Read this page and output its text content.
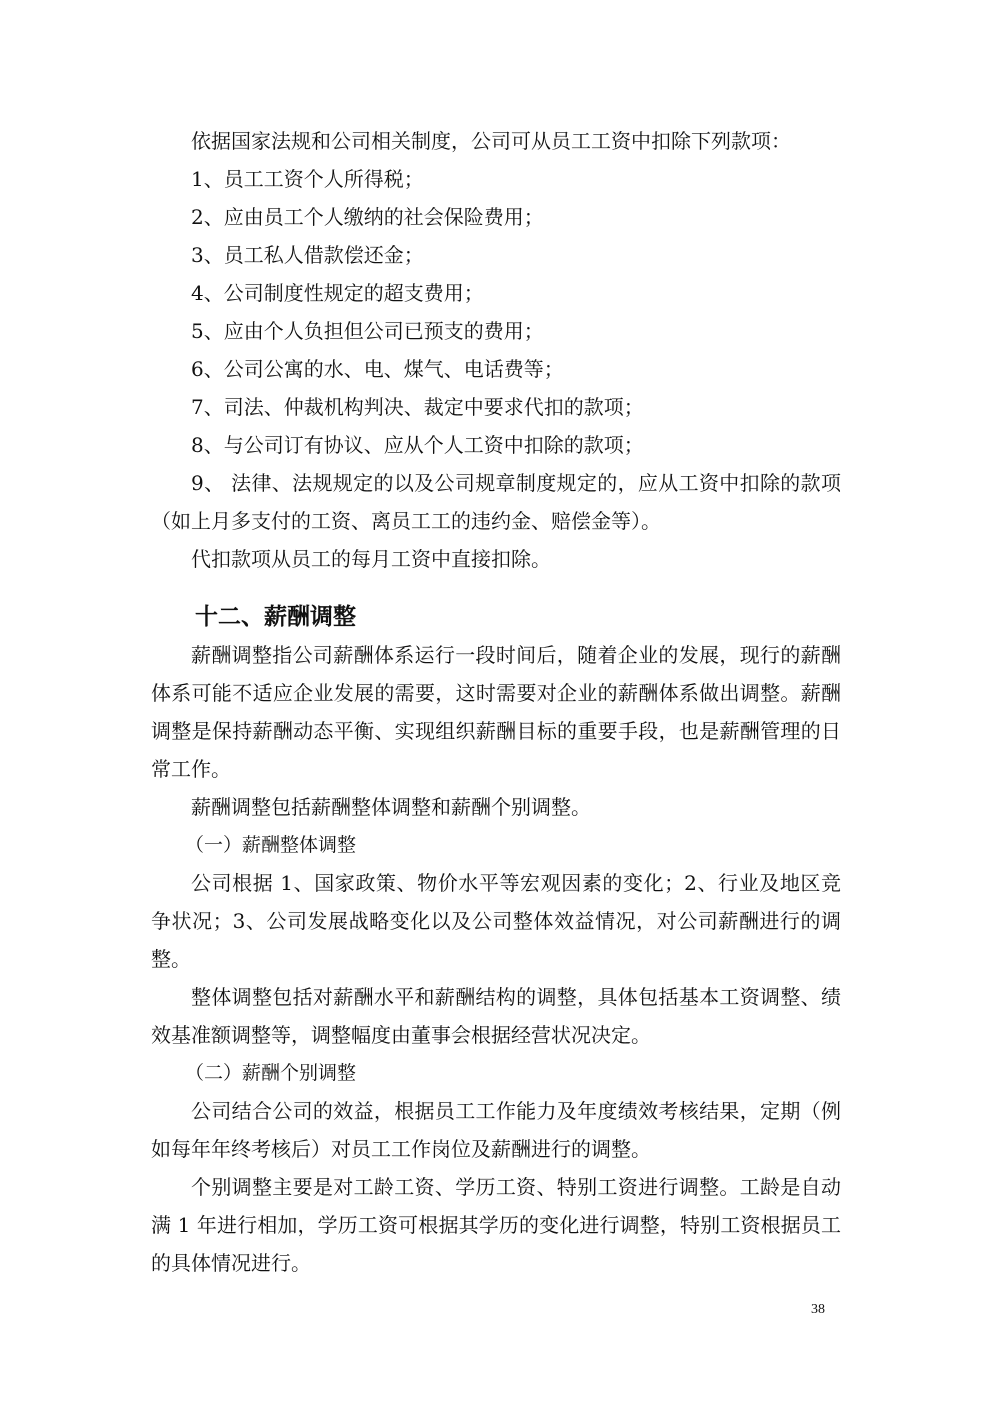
依据国家法规和公司相关制度，公司可从员工工资中扣除下列款项：

1、员工工资个人所得税；

2、应由员工个人缴纳的社会保险费用；

3、员工私人借款偿还金；

4、公司制度性规定的超支费用；

5、应由个人负担但公司已预支的费用；

6、公司公寓的水、电、煤气、电话费等；

7、司法、仲裁机构判决、裁定中要求代扣的款项；

8、与公司订有协议、应从个人工资中扣除的款项；

9、 法律、法规规定的以及公司规章制度规定的，应从工资中扣除的款项（如上月多支付的工资、离员工工的违约金、赔偿金等）。

代扣款项从员工的每月工资中直接扣除。

十二、薪酬调整

薪酬调整指公司薪酬体系运行一段时间后，随着企业的发展，现行的薪酬体系可能不适应企业发展的需要，这时需要对企业的薪酬体系做出调整。薪酬调整是保持薪酬动态平衡、实现组织薪酬目标的重要手段，也是薪酬管理的日常工作。

薪酬调整包括薪酬整体调整和薪酬个别调整。

（一）薪酬整体调整

公司根据 1、国家政策、物价水平等宏观因素的变化；2、行业及地区竞争状况；3、公司发展战略变化以及公司整体效益情况，对公司薪酬进行的调整。

整体调整包括对薪酬水平和薪酬结构的调整，具体包括基本工资调整、绩效基准额调整等，调整幅度由董事会根据经营状况决定。

（二）薪酬个别调整

公司结合公司的效益，根据员工工作能力及年度绩效考核结果，定期（例如每年年终考核后）对员工工作岗位及薪酬进行的调整。

个别调整主要是对工龄工资、学历工资、特别工资进行调整。工龄是自动满 1 年进行相加，学历工资可根据其学历的变化进行调整，特别工资根据员工的具体情况进行。

38
